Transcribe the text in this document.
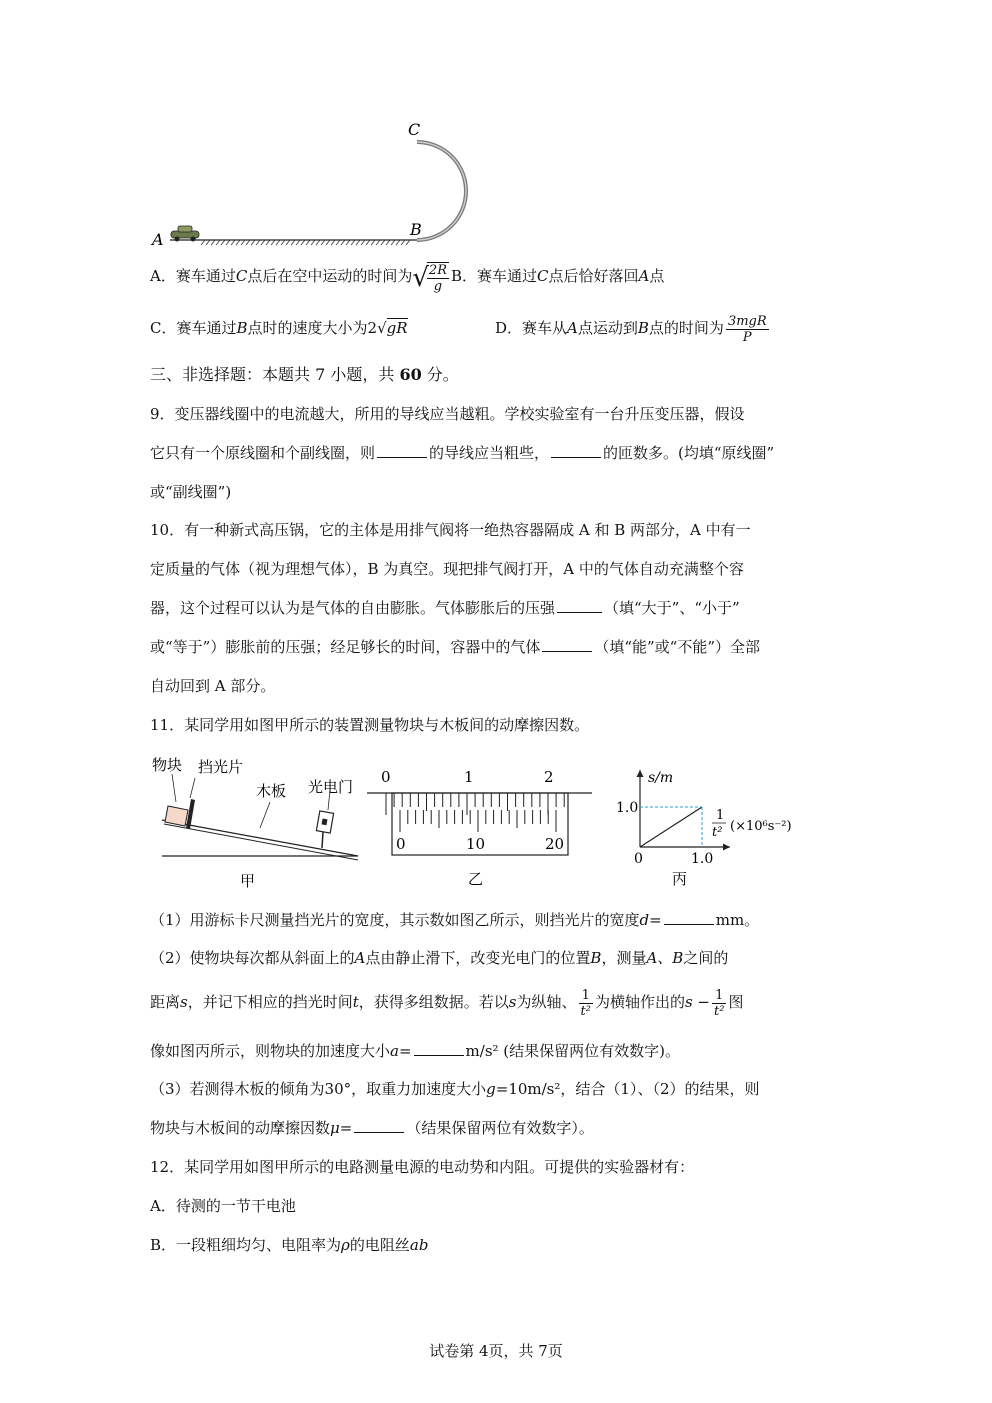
A
B
C
A．赛车通过C点后在空中运动的时间为√
$\frac{2R}{g}$ B．赛车通过C点后恰好落回A点
C．赛车通过B点时的速度大小为2√gR	D．赛车从A点运动到B点的时间为 $\frac{\text{3mgR}}{P}$
三、非选择题：本题共 7 小题，共 60 分。
9．变压器线圈中的电流越大，所用的导线应当越粗。学校实验室有一台升压变压器，假设
它只有一个原线圈和个副线圈，则	的导线应当粗些，	的匝数多。(均填“原线圈”
或“副线圈”)
10．有一种新式高压锅，它的主体是用排气阀将一绝热容器隔成 A 和 B 两部分，A 中有一
定质量的气体（视为理想气体），B 为真空。现把排气阀打开，A 中的气体自动充满整个容
器，这个过程可以认为是气体的自由膨胀。气体膨胀后的压强	（填“大于”、“小于”
或“等于”）膨胀前的压强；经足够长的时间，容器中的气体	（填“能”或“不能”）全部
自动回到 A 部分。
11．某同学用如图甲所示的装置测量物块与木板间的动摩擦因数。
物块 挡光片
木板 光电门
甲
0	1	2
0	10	20
乙
s/m
1.0
0	1.0
1
t² (×10⁶s⁻²)
丙
（1）用游标卡尺测量挡光片的宽度，其示数如图乙所示，则挡光片的宽度d=	mm。
（2）使物块每次都从斜面上的A点由静止滑下，改变光电门的位置B，测量A、B之间的
距离s，并记下相应的挡光时间t，获得多组数据。若以s为纵轴、 $\frac{1}{\text{t²}}$ 为横轴作出的$s - \frac{1}{\text{t²}}$ 图
像如图丙所示，则物块的加速度大小a=	m/s² (结果保留两位有效数字)。
（3）若测得木板的倾角为30°，取重力加速度大小g=10m/s²，结合（1）、（2）的结果，则
物块与木板间的动摩擦因数μ=	（结果保留两位有效数字）。
12．某同学用如图甲所示的电路测量电源的电动势和内阻。可提供的实验器材有：
A．待测的一节干电池
B．一段粗细均匀、电阻率为ρ的电阻丝ab
试卷第 4页，共 7页
